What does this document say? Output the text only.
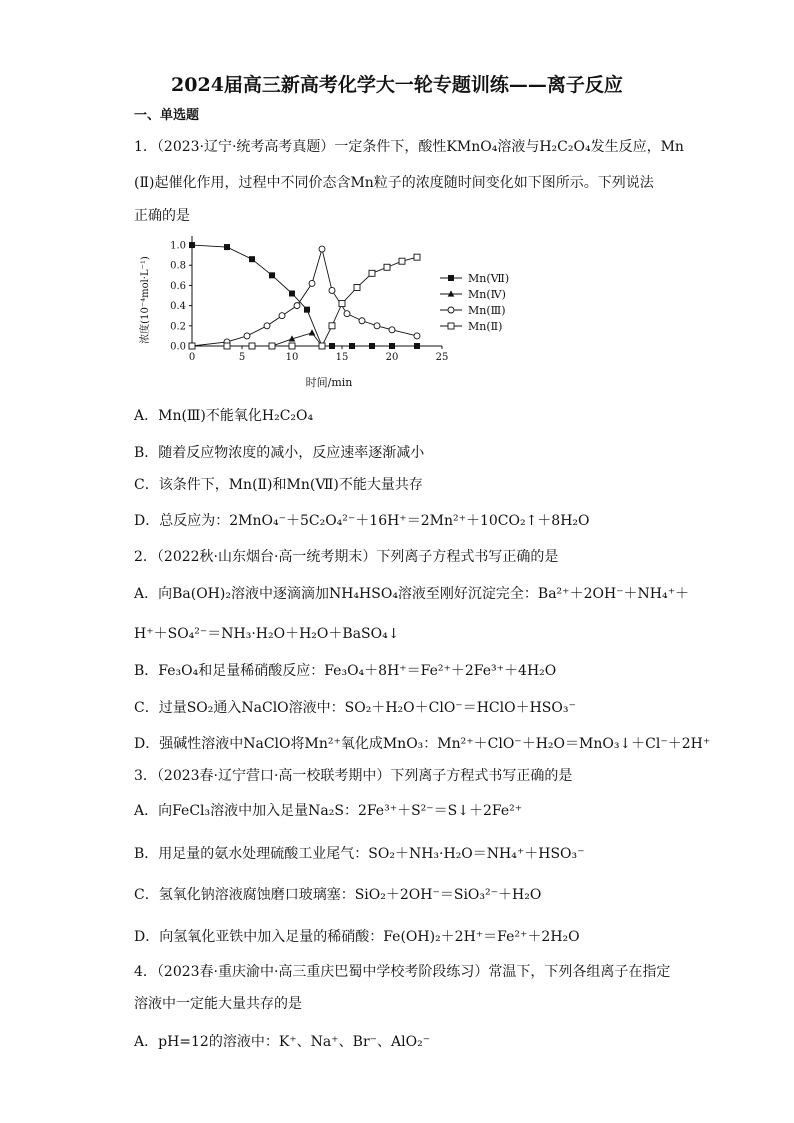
2024届高三新高考化学大一轮专题训练——离子反应
一、单选题
1．（2023·辽宁·统考高考真题）一定条件下，酸性KMnO₄溶液与H₂C₂O₄发生反应，Mn
(Ⅱ)起催化作用，过程中不同价态含Mn粒子的浓度随时间变化如下图所示。下列说法
正确的是
0	5	10	15	20	25
0.0
0.2
0.4
0.6
0.8
1.0
Mn(Ⅶ)
Mn(Ⅳ)
Mn(Ⅲ)
Mn(Ⅱ)
时间/min
浓度(10⁻⁴mol·L⁻¹)
A．Mn(Ⅲ)不能氧化H₂C₂O₄
B．随着反应物浓度的减小，反应速率逐渐减小
C．该条件下，Mn(Ⅱ)和Mn(Ⅶ)不能大量共存
D．总反应为：2MnO₄⁻＋5C₂O₄²⁻＋16H⁺＝2Mn²⁺＋10CO₂↑＋8H₂O
2．（2022秋·山东烟台·高一统考期末）下列离子方程式书写正确的是
A．向Ba(OH)₂溶液中逐滴滴加NH₄HSO₄溶液至刚好沉淀完全：Ba²⁺＋2OH⁻＋NH₄⁺＋
H⁺＋SO₄²⁻＝NH₃·H₂O＋H₂O＋BaSO₄↓
B．Fe₃O₄和足量稀硝酸反应：Fe₃O₄＋8H⁺＝Fe²⁺＋2Fe³⁺＋4H₂O
C．过量SO₂通入NaClO溶液中：SO₂＋H₂O＋ClO⁻＝HClO＋HSO₃⁻
D．强碱性溶液中NaClO将Mn²⁺氧化成MnO₃：Mn²⁺＋ClO⁻＋H₂O＝MnO₃↓＋Cl⁻＋2H⁺
3．（2023春·辽宁营口·高一校联考期中）下列离子方程式书写正确的是
A．向FeCl₃溶液中加入足量Na₂S：2Fe³⁺＋S²⁻＝S↓＋2Fe²⁺
B．用足量的氨水处理硫酸工业尾气：SO₂＋NH₃·H₂O＝NH₄⁺＋HSO₃⁻
C．氢氧化钠溶液腐蚀磨口玻璃塞：SiO₂＋2OH⁻＝SiO₃²⁻＋H₂O
D．向氢氧化亚铁中加入足量的稀硝酸：Fe(OH)₂＋2H⁺＝Fe²⁺＋2H₂O
4．（2023春·重庆渝中·高三重庆巴蜀中学校考阶段练习）常温下，下列各组离子在指定
溶液中一定能大量共存的是
A．pH=12的溶液中：K⁺、Na⁺、Br⁻、AlO₂⁻
